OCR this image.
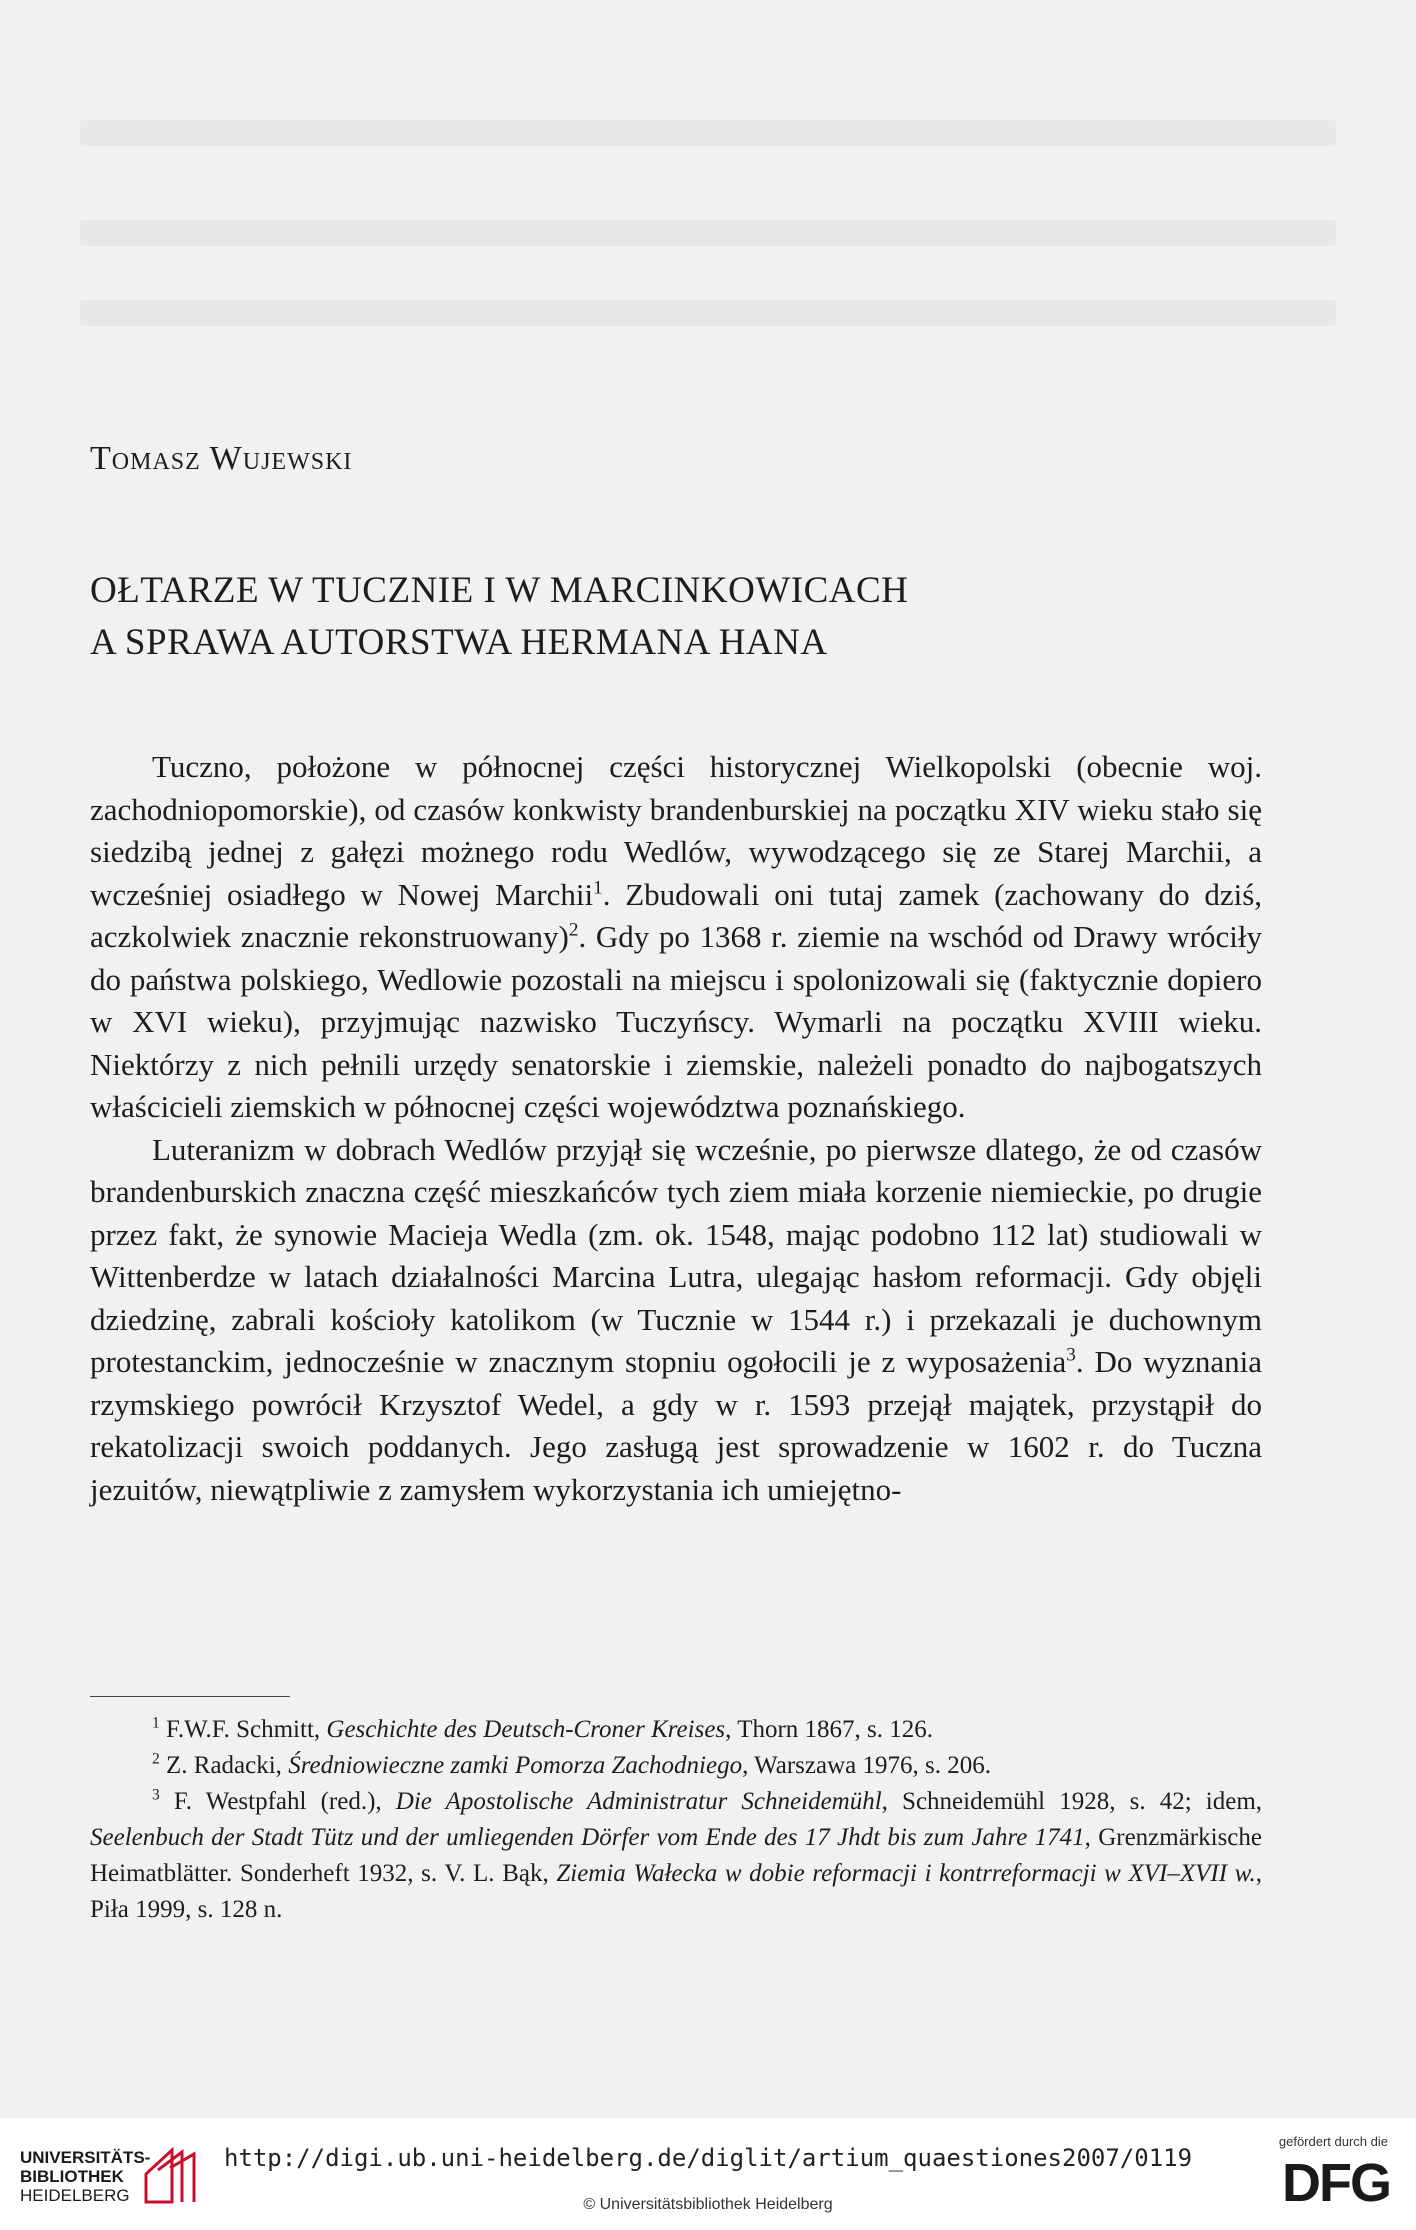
Tomasz Wujewski
OŁTARZE W TUCZNIE I W MARCINKOWICACH
A SPRAWA AUTORSTWA HERMANA HANA

Tuczno, położone w północnej części historycznej Wielkopolski (obecnie woj. zachodniopomorskie), od czasów konkwisty brandenburskiej na początku XIV wieku stało się siedzibą jednej z gałęzi możnego rodu Wedlów, wywodzącego się ze Starej Marchii, a wcześniej osiadłego w Nowej Marchii$^1$. Zbudowali oni tutaj zamek (zachowany do dziś, aczkolwiek znacznie rekonstruowany)$^2$. Gdy po 1368 r. ziemie na wschód od Drawy wróciły do państwa polskiego, Wedlowie pozostali na miejscu i spolonizowali się (faktycznie dopiero w XVI wieku), przyjmując nazwisko Tuczyńscy. Wymarli na początku XVIII wieku. Niektórzy z nich pełnili urzędy senatorskie i ziemskie, należeli ponadto do najbogatszych właścicieli ziemskich w północnej części województwa poznańskiego.

Luteranizm w dobrach Wedlów przyjął się wcześnie, po pierwsze dlatego, że od czasów brandenburskich znaczna część mieszkańców tych ziem miała korzenie niemieckie, po drugie przez fakt, że synowie Macieja Wedla (zm. ok. 1548, mając podobno 112 lat) studiowali w Wittenberdze w latach działalności Marcina Lutra, ulegając hasłom reformacji. Gdy objęli dziedzinę, zabrali kościoły katolikom (w Tucznie w 1544 r.) i przekazali je duchownym protestanckim, jednocześnie w znacznym stopniu ogołocili je z wyposażenia$^3$. Do wyznania rzymskiego powrócił Krzysztof Wedel, a gdy w r. 1593 przejął majątek, przystąpił do rekatolizacji swoich poddanych. Jego zasługą jest sprowadzenie w 1602 r. do Tuczna jezuitów, niewątpliwie z zamysłem wykorzystania ich umiejętno-

$^1$ F.W.F. Schmitt, Geschichte des Deutsch-Croner Kreises, Thorn 1867, s. 126.

$^2$ Z. Radacki, Średniowieczne zamki Pomorza Zachodniego, Warszawa 1976, s. 206.

$^3$ F. Westpfahl (red.), Die Apostolische Administratur Schneidemühl, Schneidemühl 1928, s. 42; idem, Seelenbuch der Stadt Tütz und der umliegenden Dörfer vom Ende des 17 Jhdt bis zum Jahre 1741, Grenzmärkische Heimatblätter. Sonderheft 1932, s. V. L. Bąk, Ziemia Wałecka w dobie reformacji i kontrreformacji w XVI–XVII w., Piła 1999, s. 128 n.

UNIVERSITÄTS-
BIBLIOTHEK
HEIDELBERG
http://digi.ub.uni-heidelberg.de/diglit/artium_quaestiones2007/0119
© Universitätsbibliothek Heidelberg
gefördert durch die
DFG
